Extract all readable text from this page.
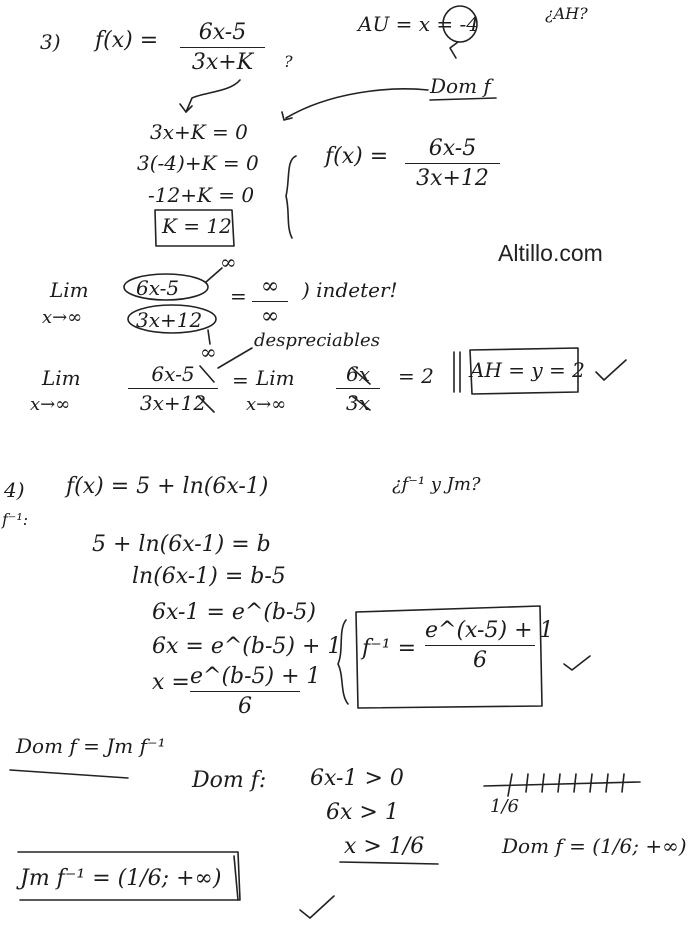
Altillo.com
3) f(x) =	6x-5
3x+K	?
AU = x = -4	¿AH?
Dom f
3x+K = 0
3(-4)+K = 0
-12+K = 0
K = 12
f(x) =	6x-5
3x+12
Lim
x→∞
6x-5
3x+12
∞
∞
= ∞
∞
) indeter!
despreciables
Lim
x→∞
6x-5
3x+12
= Lim
x→∞
6x
3x
= 2 AH = y = 2
4)
f⁻¹:
f(x) = 5 + ln(6x-1)	¿f⁻¹ y Jm?
5 + ln(6x-1) = b
ln(6x-1) = b-5
6x-1 = e^(b-5)
6x = e^(b-5) + 1
x = e^(b-5) + 1
6
f⁻¹ =
e^(x-5) + 1
6
Dom f = Jm f⁻¹
Dom f: 6x-1 > 0
6x > 1
x > 1/6
1/6
Dom f = (1/6; +∞)
Jm f⁻¹ = (1/6; +∞)
